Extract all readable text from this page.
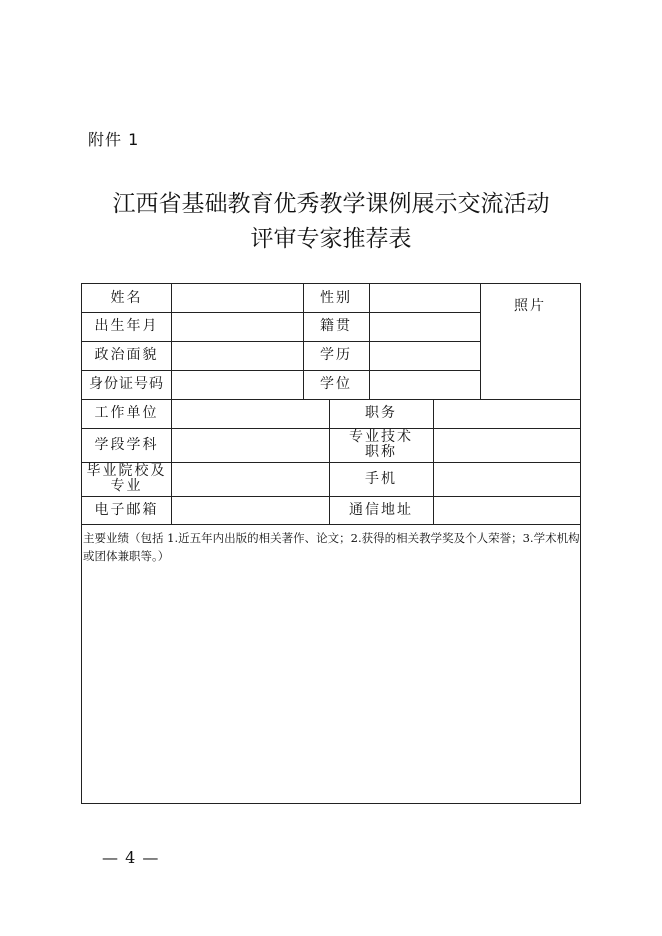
附件 1
江西省基础教育优秀教学课例展示交流活动
评审专家推荐表
姓名	性别
照片
出生年月	籍贯
政治面貌	学历
身份证号码	学位
工作单位	职务
学段学科	专业技术职称
毕业院校及专业	手机
电子邮箱	通信地址
主要业绩（包括 1.近五年内出版的相关著作、论文；2.获得的相关教学奖及个人荣誉；3.学术机构或团体兼职等。）
— 4 —
